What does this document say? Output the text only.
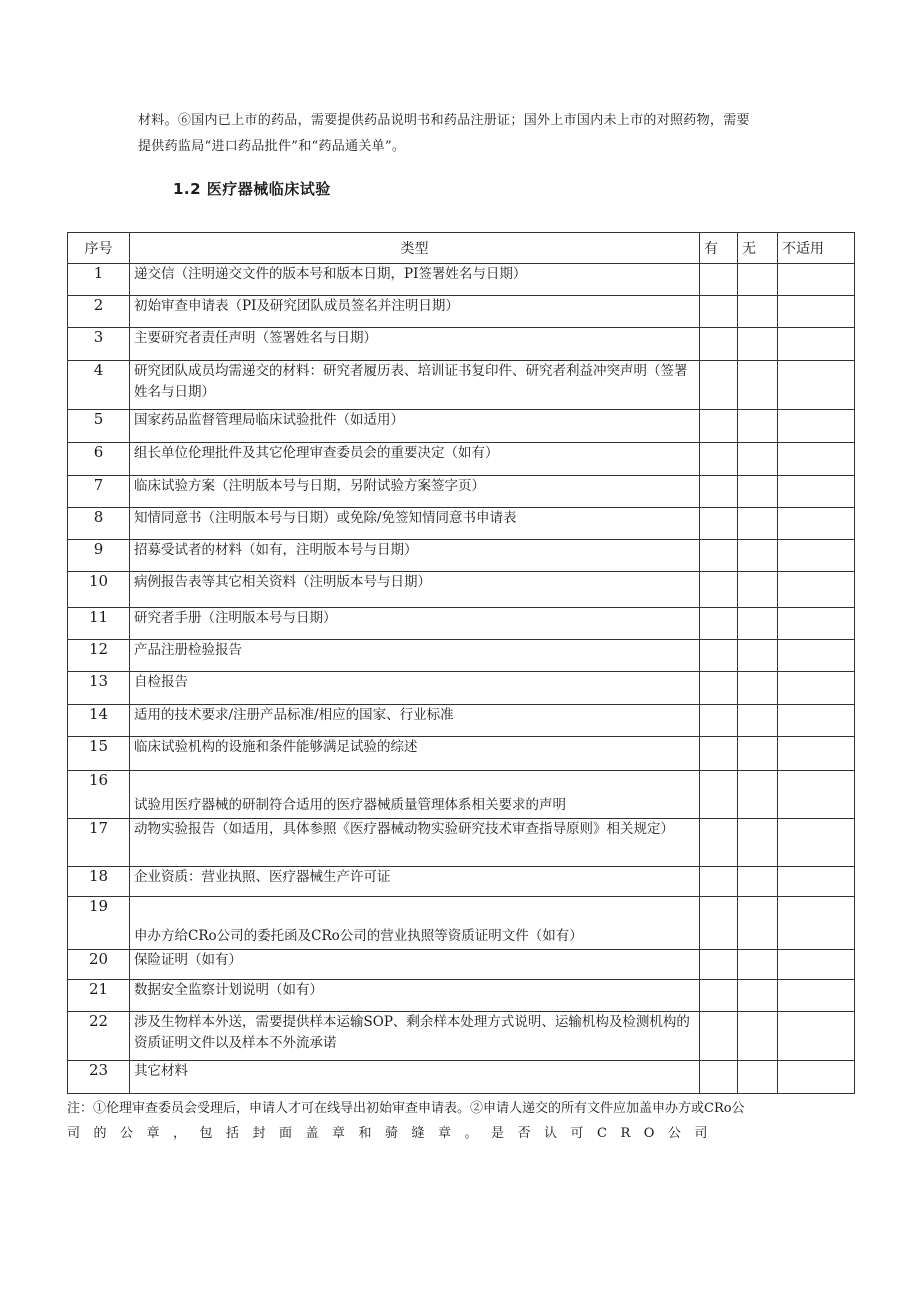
材料。⑥国内已上市的药品，需要提供药品说明书和药品注册证；国外上市国内未上市的对照药物，需要
提供药监局“进口药品批件”和“药品通关单”。
1.2 医疗器械临床试验
序号	类型	有	无	不适用
1	递交信（注明递交文件的版本号和版本日期，PI签署姓名与日期）			
2	初始审查申请表（PI及研究团队成员签名并注明日期）			
3	主要研究者责任声明（签署姓名与日期）			
4	研究团队成员均需递交的材料：研究者履历表、培训证书复印件、研究者利益冲突声明（签署姓名与日期）			
5	国家药品监督管理局临床试验批件（如适用）			
6	组长单位伦理批件及其它伦理审查委员会的重要决定（如有）			
7	临床试验方案（注明版本号与日期，另附试验方案签字页）			
8	知情同意书（注明版本号与日期）或免除/免签知情同意书申请表			
9	招募受试者的材料（如有，注明版本号与日期）			
10	病例报告表等其它相关资料（注明版本号与日期）			
11	研究者手册（注明版本号与日期）			
12	产品注册检验报告			
13	自检报告			
14	适用的技术要求/注册产品标准/相应的国家、行业标准			
15	临床试验机构的设施和条件能够满足试验的综述			
16	试验用医疗器械的研制符合适用的医疗器械质量管理体系相关要求的声明			
17	动物实验报告（如适用，具体参照《医疗器械动物实验研究技术审查指导原则》相关规定）			
18	企业资质：营业执照、医疗器械生产许可证			
19	申办方给CRo公司的委托函及CRo公司的营业执照等资质证明文件（如有）			
20	保险证明（如有）			
21	数据安全监察计划说明（如有）			
22	涉及生物样本外送，需要提供样本运输SOP、剩余样本处理方式说明、运输机构及检测机构的资质证明文件以及样本不外流承诺			
23	其它材料			
注：①伦理审查委员会受理后，申请人才可在线导出初始审查申请表。②申请人递交的所有文件应加盖申办方或CRo公
司的公章，包括封面盖章和骑缝章。是否认可CRO公司
